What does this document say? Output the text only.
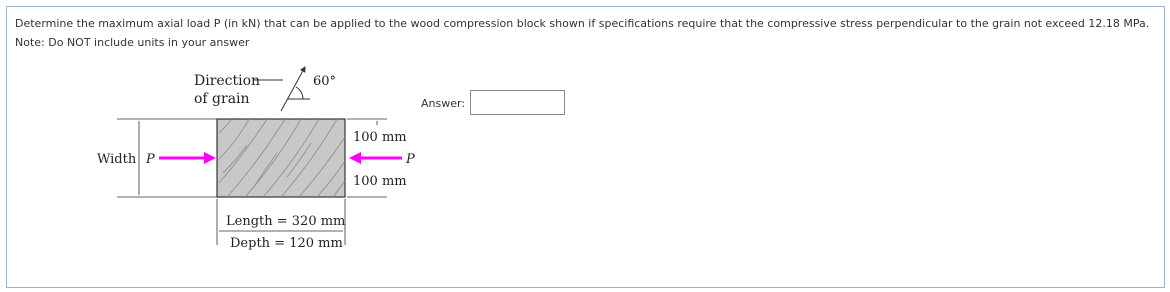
Determine the maximum axial load P (in kN) that can be applied to the wood compression block shown if specifications require that the compressive stress perpendicular to the grain not exceed 12.18 MPa.
Note: Do NOT include units in your answer
Direction
of grain
60°
Width P
100 mm
100 mm
P
Length = 320 mm
Depth = 120 mm
Answer:
